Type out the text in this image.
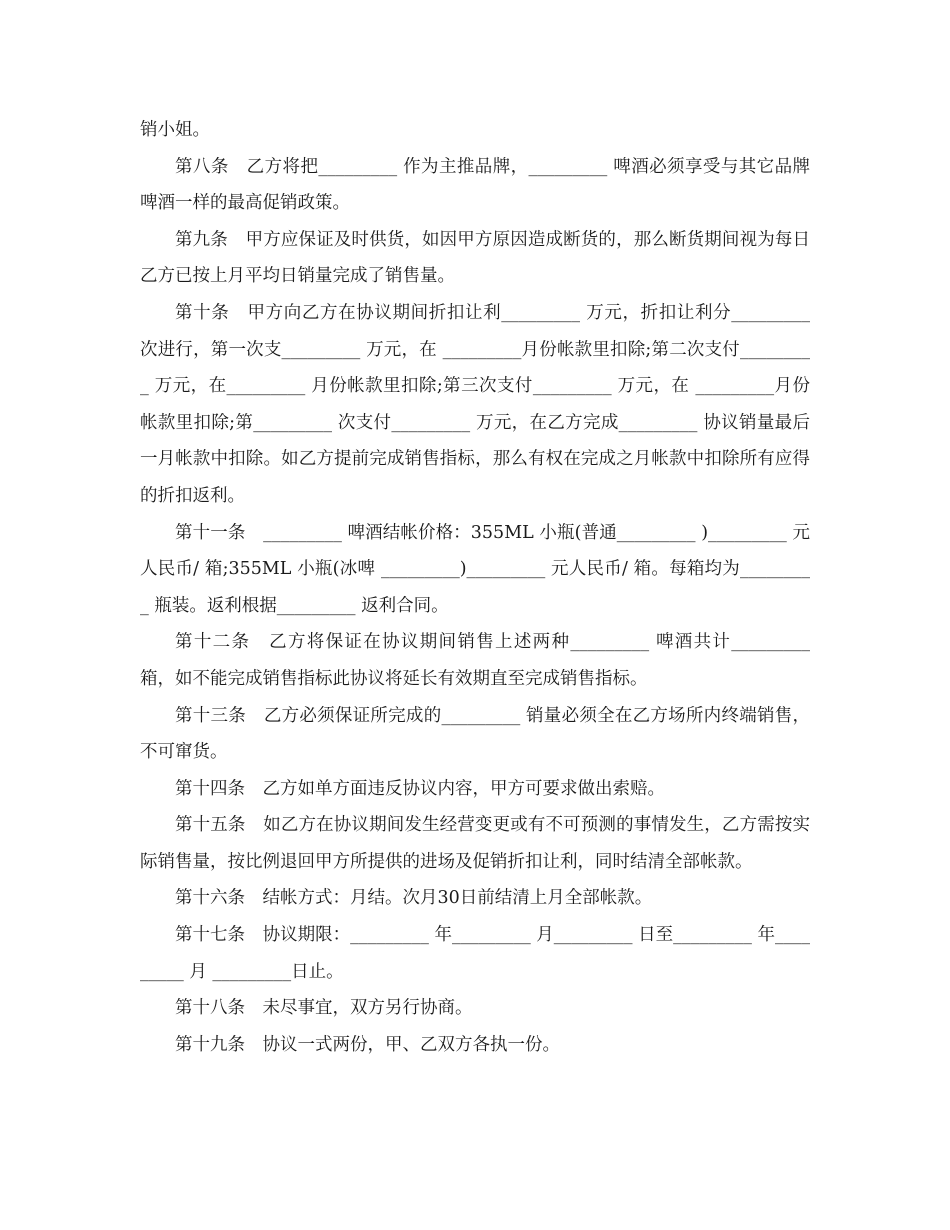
销小姐。

第八条　乙方将把_________ 作为主推品牌，_________ 啤酒必须享受与其它品牌啤酒一样的最高促销政策。

第九条　甲方应保证及时供货，如因甲方原因造成断货的，那么断货期间视为每日乙方已按上月平均日销量完成了销售量。

第十条　甲方向乙方在协议期间折扣让利_________ 万元，折扣让利分_________ 次进行，第一次支_________ 万元，在 _________月份帐款里扣除;第二次支付_________ 万元，在_________ 月份帐款里扣除;第三次支付_________ 万元，在 _________月份帐款里扣除;第_________ 次支付_________ 万元，在乙方完成_________ 协议销量最后一月帐款中扣除。如乙方提前完成销售指标，那么有权在完成之月帐款中扣除所有应得的折扣返利。

第十一条　_________ 啤酒结帐价格：355ML 小瓶(普通_________ )_________ 元人民币/ 箱;355ML 小瓶(冰啤 _________)_________ 元人民币/ 箱。每箱均为_________ 瓶装。返利根据_________ 返利合同。

第十二条　乙方将保证在协议期间销售上述两种_________ 啤酒共计_________ 箱，如不能完成销售指标此协议将延长有效期直至完成销售指标。

第十三条　乙方必须保证所完成的_________ 销量必须全在乙方场所内终端销售，不可窜货。

第十四条　乙方如单方面违反协议内容，甲方可要求做出索赔。

第十五条　如乙方在协议期间发生经营变更或有不可预测的事情发生，乙方需按实际销售量，按比例退回甲方所提供的进场及促销折扣让利，同时结清全部帐款。

第十六条　结帐方式：月结。次月30日前结清上月全部帐款。

第十七条　协议期限：_________ 年_________ 月_________ 日至_________ 年_________ 月 _________日止。

第十八条　未尽事宜，双方另行协商。

第十九条　协议一式两份，甲、乙双方各执一份。
